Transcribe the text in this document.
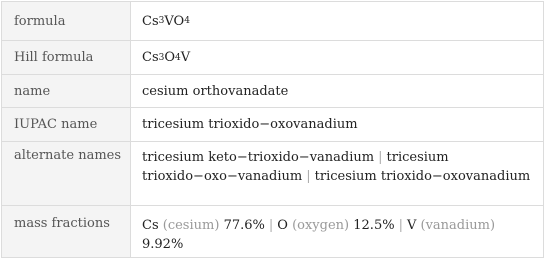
formula	Cs 3 VO 4
Hill formula	Cs 3 O 4 V
name	cesium orthovanadate
IUPAC name	tricesium trioxido−oxovanadium
alternate names	tricesium keto−trioxido−vanadium | tricesium trioxido−oxo−vanadium | tricesium trioxido−oxovanadium
mass fractions	Cs (cesium) 77.6% | O (oxygen) 12.5% | V (vanadium) 9.92%
